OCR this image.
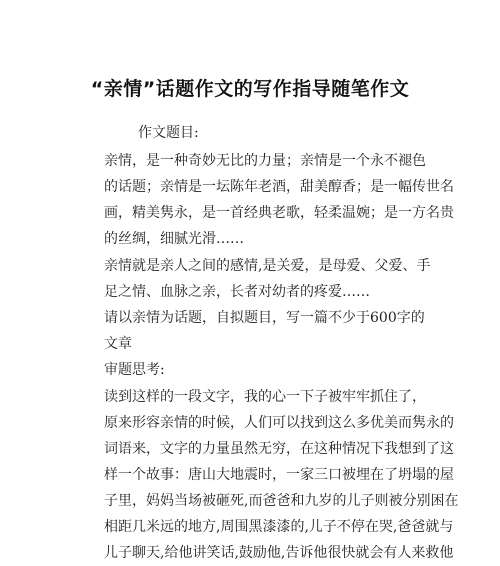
“亲情”话题作文的写作指导随笔作文
作文题目:
亲情，是一种奇妙无比的力量；亲情是一个永不褪色
的话题；亲情是一坛陈年老酒，甜美醇香；是一幅传世名
画，精美隽永，是一首经典老歌，轻柔温婉；是一方名贵
的丝绸，细腻光滑……
亲情就是亲人之间的感情,是关爱，是母爱、父爱、手
足之情、血脉之亲，长者对幼者的疼爱……
请以亲情为话题，自拟题目，写一篇不少于600字的
文章
审题思考:
读到这样的一段文字，我的心一下子被牢牢抓住了，
原来形容亲情的时候，人们可以找到这么多优美而隽永的
词语来，文字的力量虽然无穷，在这种情况下我想到了这
样一个故事：唐山大地震时，一家三口被埋在了坍塌的屋
子里，妈妈当场被砸死,而爸爸和九岁的儿子则被分别困在
相距几米远的地方,周围黑漆漆的,儿子不停在哭,爸爸就与
儿子聊天,给他讲笑话,鼓励他,告诉他很快就会有人来救他
